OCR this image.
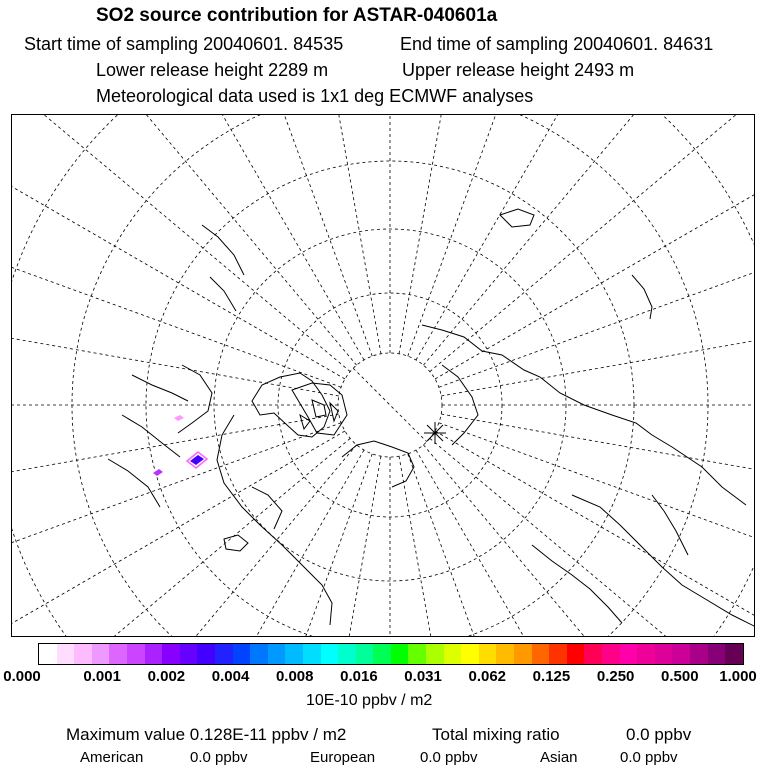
SO2 source contribution for ASTAR-040601a
Start time of sampling 20040601. 84535	End time of sampling 20040601. 84631
Lower release height 2289 m	Upper release height 2493 m
Meteorological data used is 1x1 deg ECMWF analyses
0.000	0.001 0.002 0.004 0.008 0.016 0.031 0.062 0.125 0.250 0.500 1.000
10E-10 ppbv / m2
Maximum value 0.128E-11 ppbv / m2	Total mixing ratio	0.0 ppbv
American	0.0 ppbv	European	0.0 ppbv	Asian	0.0 ppbv
